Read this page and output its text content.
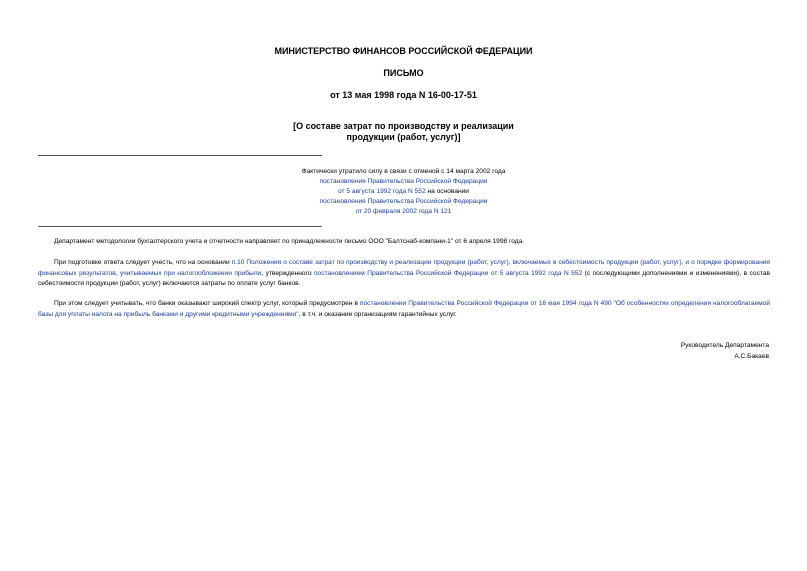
МИНИСТЕРСТВО ФИНАНСОВ РОССИЙСКОЙ ФЕДЕРАЦИИ
ПИСЬМО
от 13 мая 1998 года N 16-00-17-51
[О составе затрат по производству и реализации
продукции (работ, услуг)]
Фактически утратило силу в связи с отменой с 14 марта 2002 года
постановления Правительства Российской Федерации
от 5 августа 1992 года N 552 на основании
постановления Правительства Российской Федерации
от 20 февраля 2002 года N 121

Департамент методологии бухгалтерского учета и отчетности направляет по принадлежности письмо ООО "Балтснаб-компани-1" от 6 апреля 1998 года.

При подготовке ответа следует учесть, что на основании п.10 Положения о составе затрат по производству и реализации продукции (работ, услуг), включаемых в себестоимость продукции (работ, услуг), и о порядке формирования финансовых результатов, учитываемых при налогообложении прибыли, утвержденного постановлением Правительства Российской Федерации от 5 августа 1992 года N 552 (с последующими дополнениями и изменениями), в состав себестоимости продукции (работ, услуг) включаются затраты по оплате услуг банков.

При этом следует учитывать, что банки оказывают широкий спектр услуг, который предусмотрен в постановлении Правительства Российской Федерации от 16 мая 1994 года N 490 "Об особенностях определения налогооблагаемой базы для уплаты налога на прибыль банками и другими кредитными учреждениями", в т.ч. и оказание организациям гарантийных услуг.

Руководитель Департамента
А.С.Бакаев
